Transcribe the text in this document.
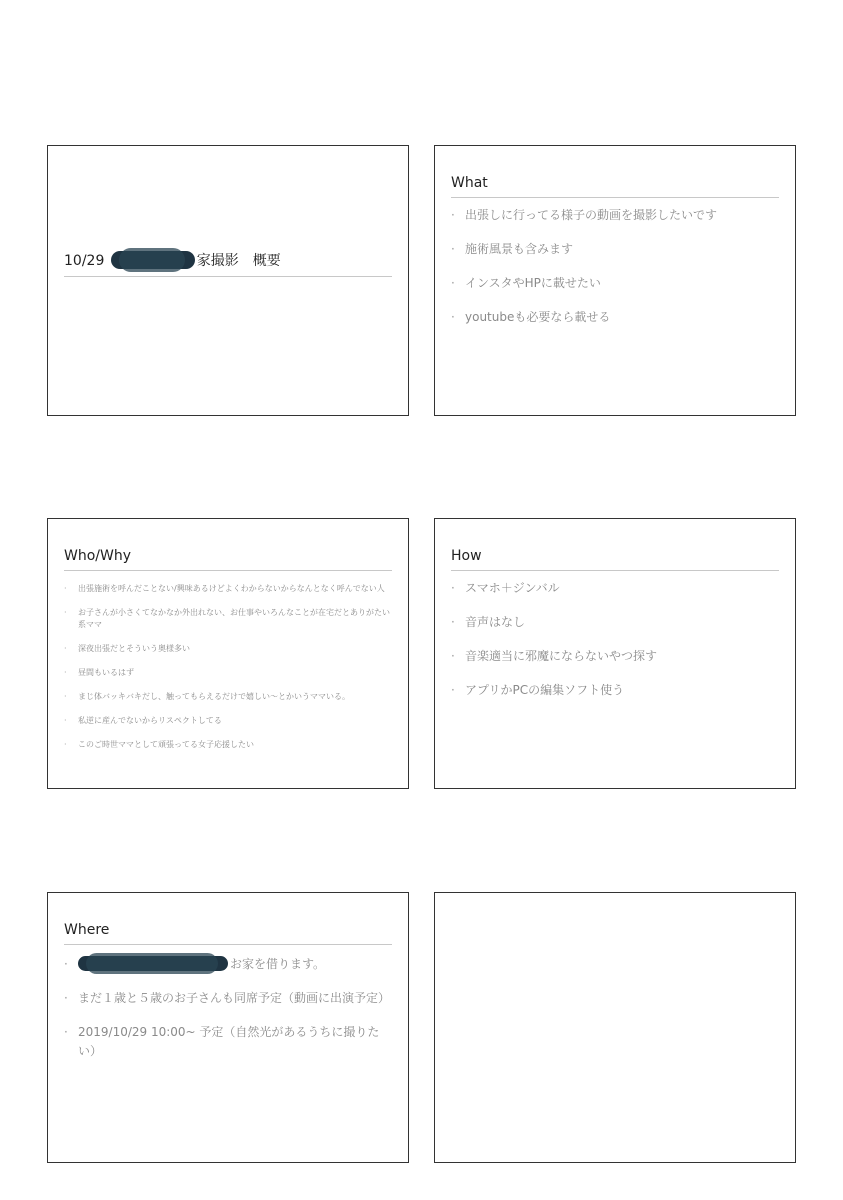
10/29	家撮影　概要
What
· 出張しに行ってる様子の動画を撮影したいです
· 施術風景も含みます
· インスタやHPに載せたい
· youtubeも必要なら載せる
Who/Why
· 出張施術を呼んだことない/興味あるけどよくわからないからなんとなく呼んでない人
· お子さんが小さくてなかなか外出れない、お仕事やいろんなことが在宅だとありがたい系ママ
· 深夜出張だとそういう奥様多い
· 昼間もいるはず
· まじ体バッキバキだし、触ってもらえるだけで嬉しい〜とかいうママいる。
· 私逆に産んでないからリスペクトしてる
· このご時世ママとして頑張ってる女子応援したい
How
· スマホ＋ジンバル
· 音声はなし
· 音楽適当に邪魔にならないやつ探す
· アプリかPCの編集ソフト使う
Where
· お家を借ります。
· まだ１歳と５歳のお子さんも同席予定（動画に出演予定）
· 2019/10/29 10:00~ 予定（自然光があるうちに撮りたい）
